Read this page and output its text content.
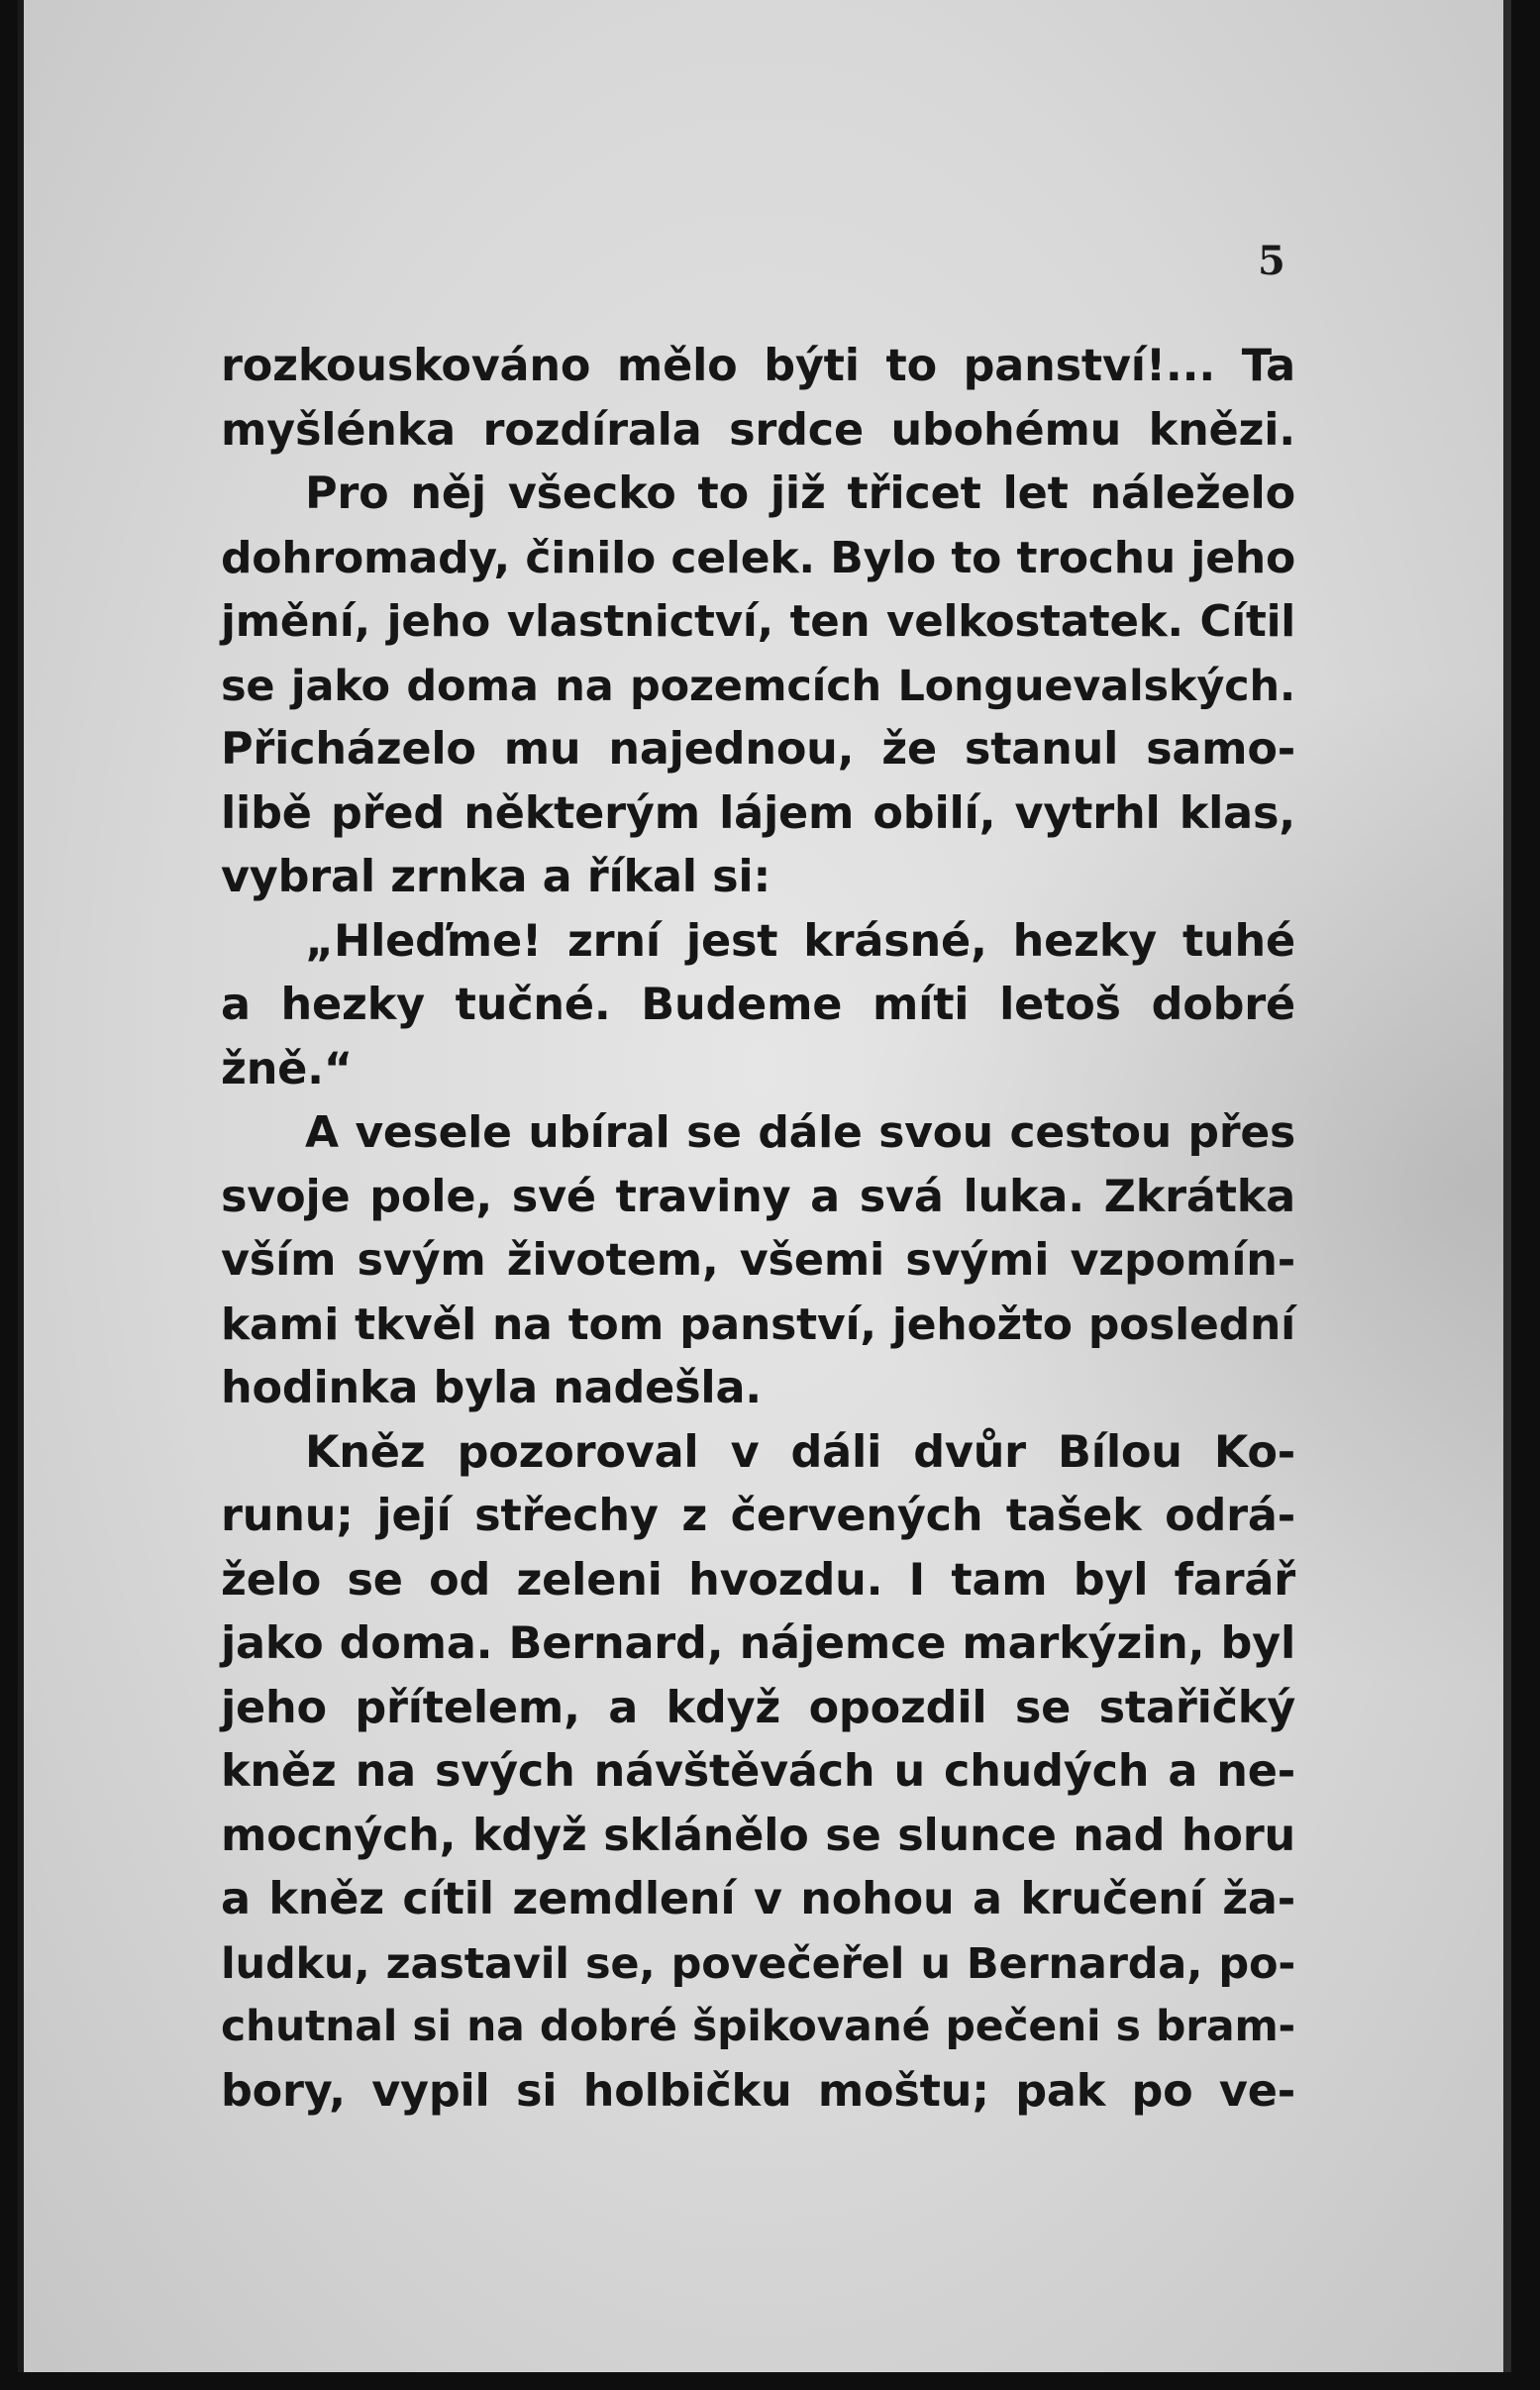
5
rozkouskováno mělo býti to panství!... Ta
myšlénka rozdírala srdce ubohému knězi.
Pro něj všecko to již třicet let náleželo
dohromady, činilo celek. Bylo to trochu jeho
jmění, jeho vlastnictví, ten velkostatek. Cítil
se jako doma na pozemcích Longuevalských.
Přicházelo mu najednou, že stanul samo-
libě před některým lájem obilí, vytrhl klas,
vybral zrnka a říkal si:
„Hleďme! zrní jest krásné, hezky tuhé
a hezky tučné. Budeme míti letoš dobré
žně.“
A vesele ubíral se dále svou cestou přes
svoje pole, své traviny a svá luka. Zkrátka
vším svým životem, všemi svými vzpomín-
kami tkvěl na tom panství, jehožto poslední
hodinka byla nadešla.
Kněz pozoroval v dáli dvůr Bílou Ko-
runu; její střechy z červených tašek odrá-
želo se od zeleni hvozdu. I tam byl farář
jako doma. Bernard, nájemce markýzin, byl
jeho přítelem, a když opozdil se stařičký
kněz na svých návštěvách u chudých a ne-
mocných, když sklánělo se slunce nad horu
a kněz cítil zemdlení v nohou a kručení ža-
ludku, zastavil se, povečeřel u Bernarda, po-
chutnal si na dobré špikované pečeni s bram-
bory, vypil si holbičku moštu; pak po ve-
